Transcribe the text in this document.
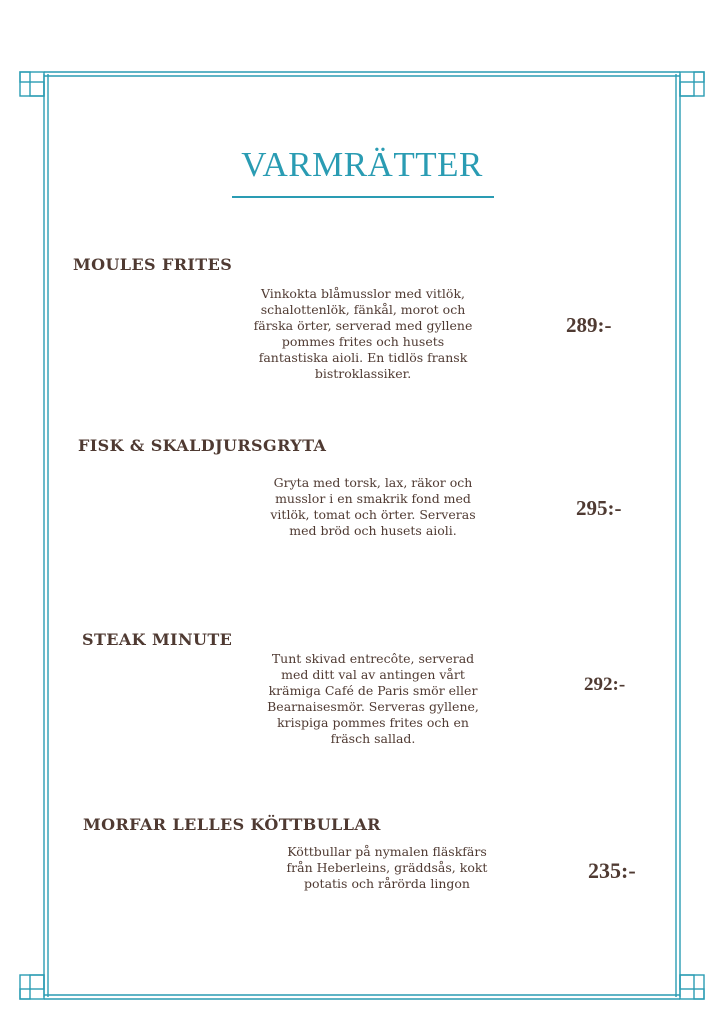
VARMRÄTTER
MOULES FRITES

Vinkokta blåmusslor med vitlök, schalottenlök, fänkål, morot och färska örter, serverad med gyllene pommes frites och husets fantastiska aioli. En tidlös fransk bistroklassiker.

289:-
FISK & SKALDJURSGRYTA

Gryta med torsk, lax, räkor och musslor i en smakrik fond med vitlök, tomat och örter. Serveras med bröd och husets aioli.

295:-
STEAK MINUTE

Tunt skivad entrecôte, serverad med ditt val av antingen vårt krämiga Café de Paris smör eller Bearnaisesmör. Serveras gyllene, krispiga pommes frites och en fräsch sallad.

292:-
MORFAR LELLES KÖTTBULLAR

Köttbullar på nymalen fläskfärs från Heberleins, gräddsås, kokt potatis och rårörda lingon

235:-
